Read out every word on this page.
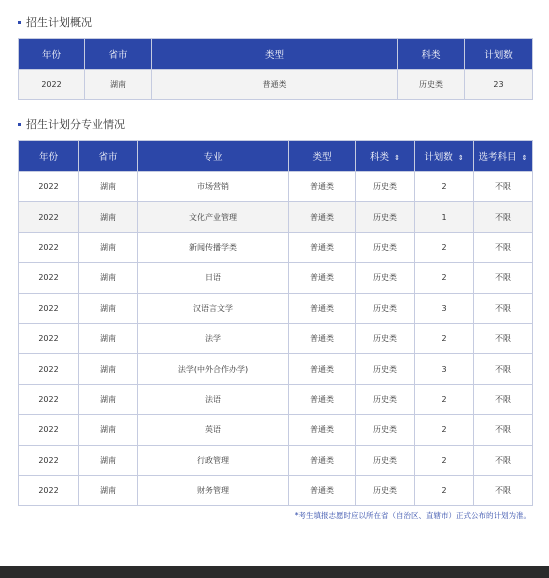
招生计划概况
年份	省市	类型	科类	计划数
2022	湖南	普通类	历史类	23
招生计划分专业情况
年份	省市	专业	类型	科类 ⇕	计划数 ⇕	选考科目 ⇕
2022	湖南	市场营销	普通类	历史类	2	不限
2022	湖南	文化产业管理	普通类	历史类	1	不限
2022	湖南	新闻传播学类	普通类	历史类	2	不限
2022	湖南	日语	普通类	历史类	2	不限
2022	湖南	汉语言文学	普通类	历史类	3	不限
2022	湖南	法学	普通类	历史类	2	不限
2022	湖南	法学(中外合作办学)	普通类	历史类	3	不限
2022	湖南	法语	普通类	历史类	2	不限
2022	湖南	英语	普通类	历史类	2	不限
2022	湖南	行政管理	普通类	历史类	2	不限
2022	湖南	财务管理	普通类	历史类	2	不限
*考生填报志愿时应以所在省（自治区、直辖市）正式公布的计划为准。
